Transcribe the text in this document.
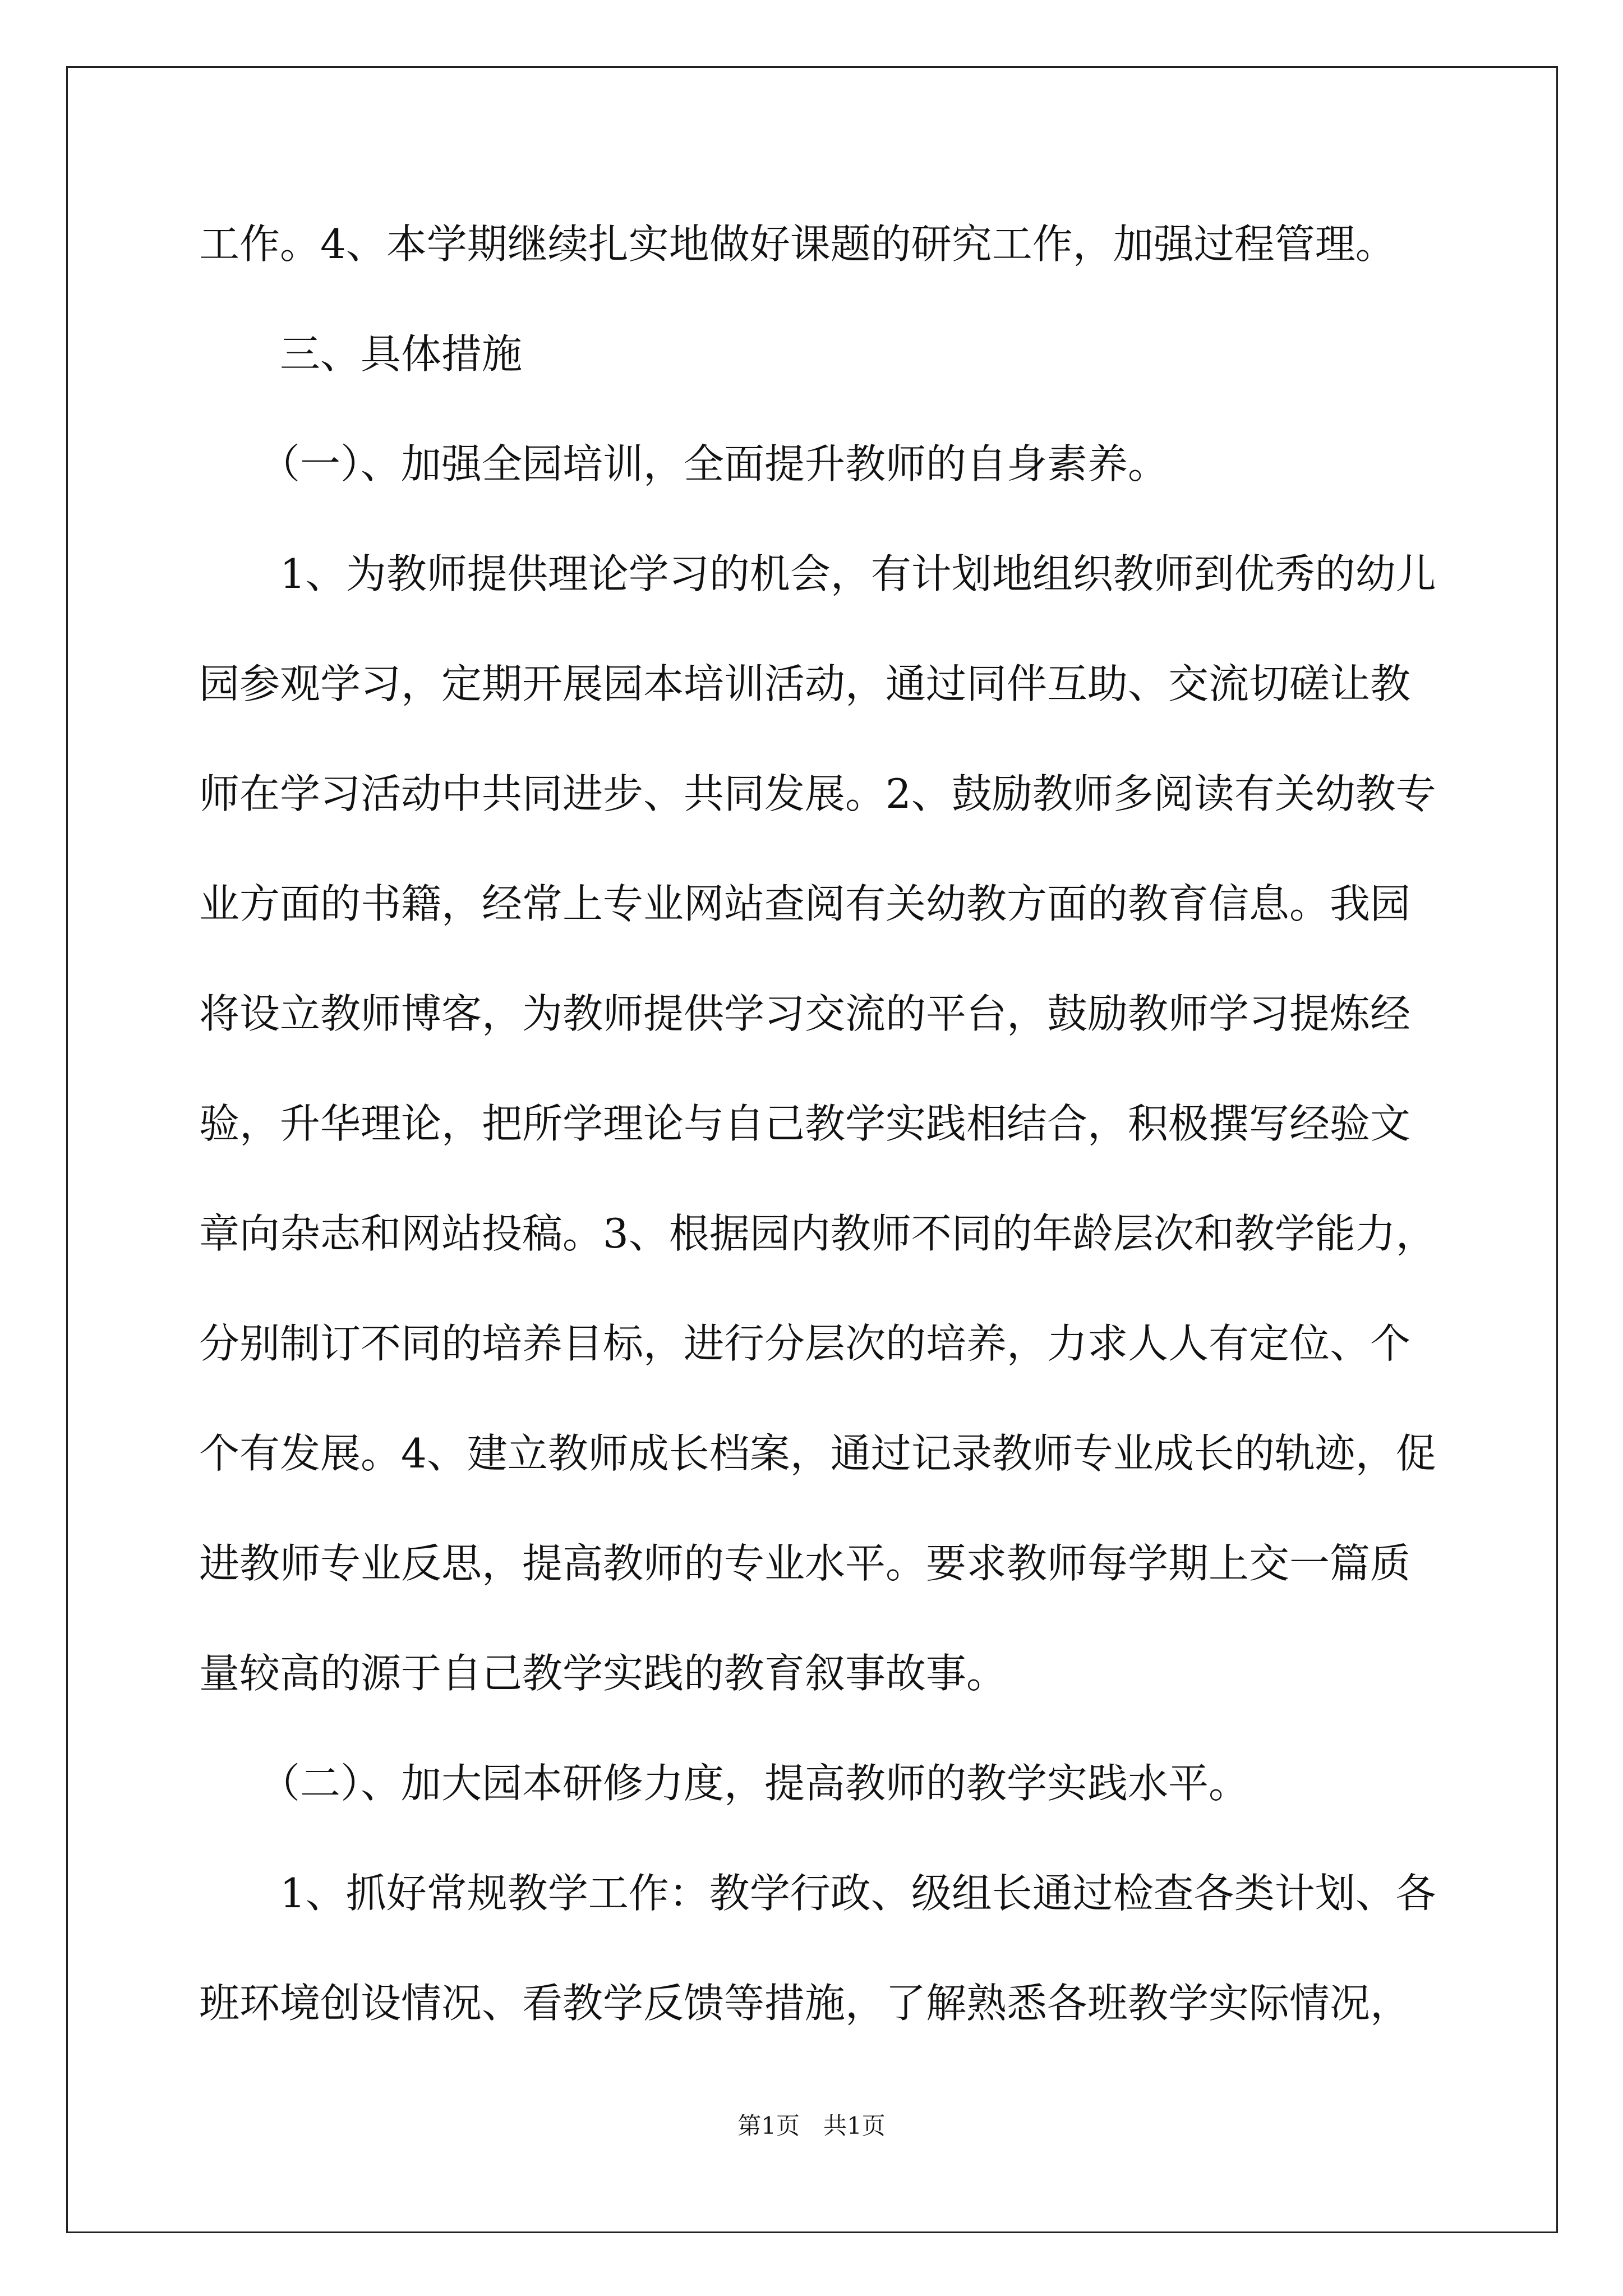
工作。4、本学期继续扎实地做好课题的研究工作，加强过程管理。
　　三、具体措施
　　（一）、加强全园培训，全面提升教师的自身素养。
　　1、为教师提供理论学习的机会，有计划地组织教师到优秀的幼儿
园参观学习，定期开展园本培训活动，通过同伴互助、交流切磋让教
师在学习活动中共同进步、共同发展。2、鼓励教师多阅读有关幼教专
业方面的书籍，经常上专业网站查阅有关幼教方面的教育信息。我园
将设立教师博客，为教师提供学习交流的平台，鼓励教师学习提炼经
验，升华理论，把所学理论与自己教学实践相结合，积极撰写经验文
章向杂志和网站投稿。3、根据园内教师不同的年龄层次和教学能力，
分别制订不同的培养目标，进行分层次的培养，力求人人有定位、个
个有发展。4、建立教师成长档案，通过记录教师专业成长的轨迹，促
进教师专业反思，提高教师的专业水平。要求教师每学期上交一篇质
量较高的源于自己教学实践的教育叙事故事。
　　（二）、加大园本研修力度，提高教师的教学实践水平。
　　1、抓好常规教学工作：教学行政、级组长通过检查各类计划、各
班环境创设情况、看教学反馈等措施，了解熟悉各班教学实际情况，
第1页　共1页
